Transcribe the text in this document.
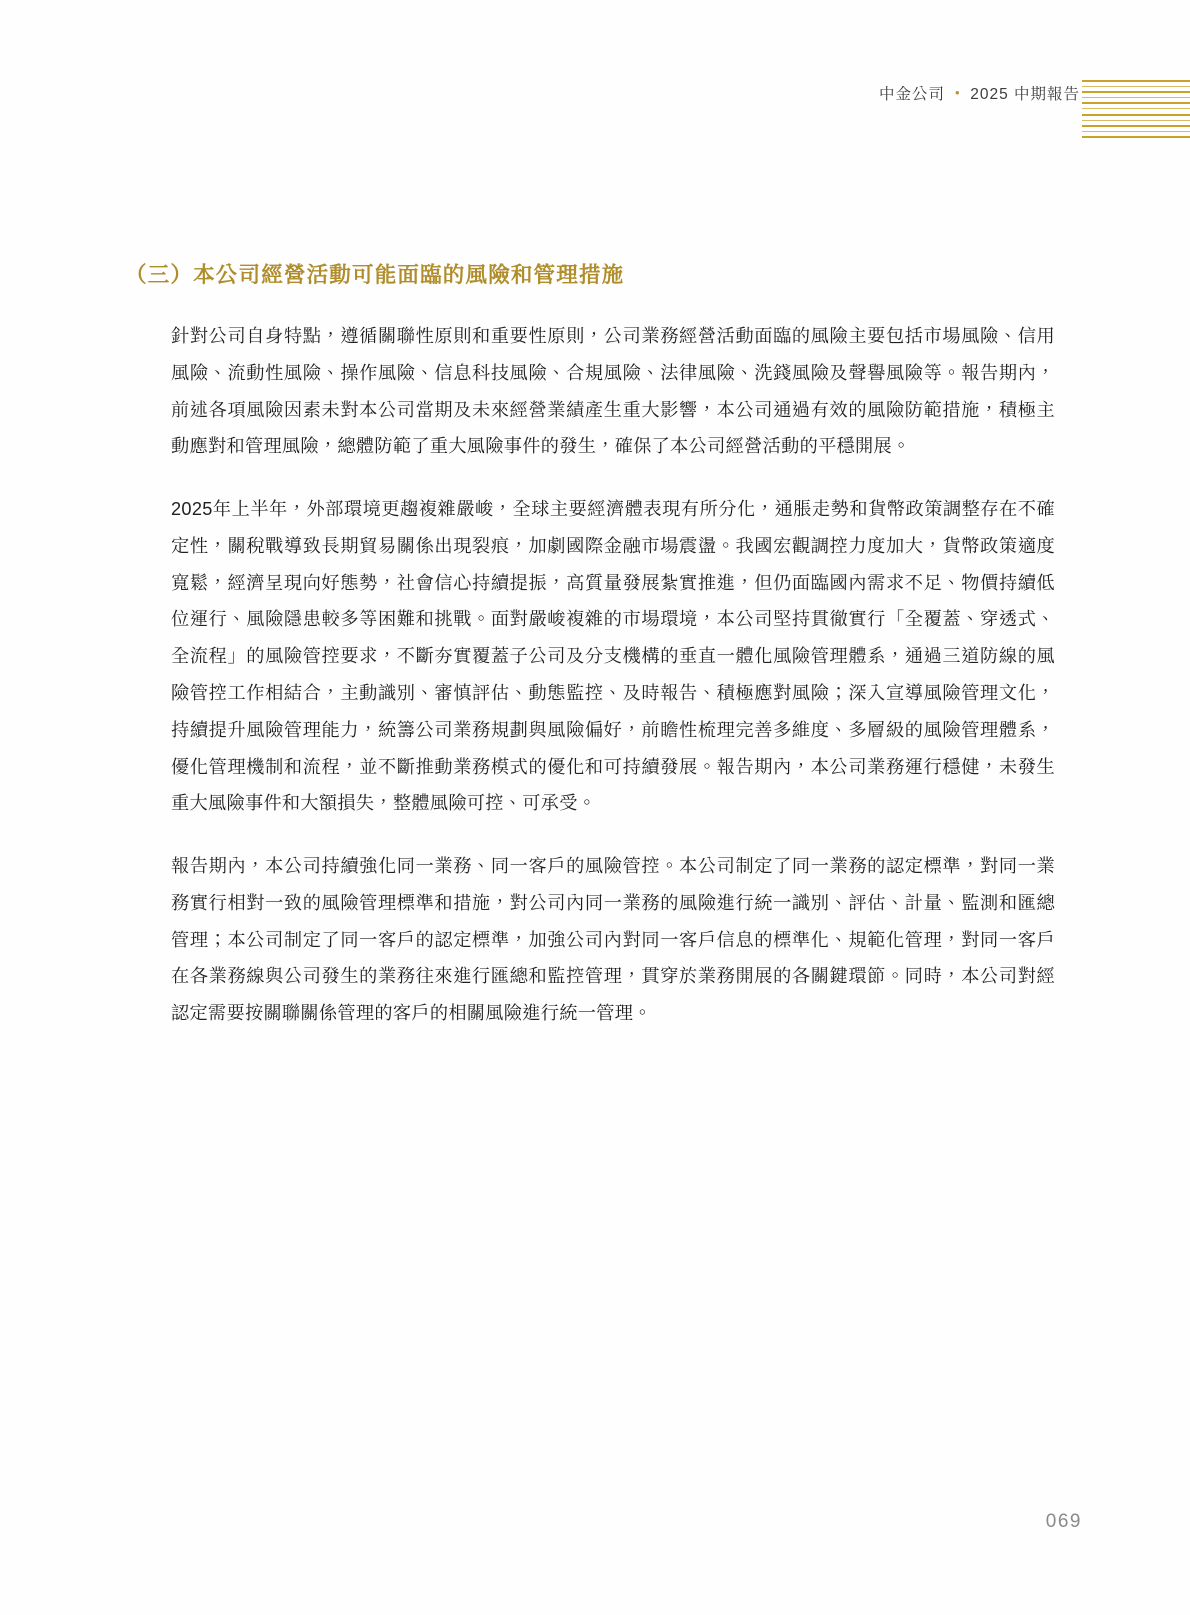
中金公司 • 2025 中期報告
（三）本公司經營活動可能面臨的風險和管理措施

針對公司自身特點，遵循關聯性原則和重要性原則，公司業務經營活動面臨的風險主要包括市場風險、信用風險、流動性風險、操作風險、信息科技風險、合規風險、法律風險、洗錢風險及聲譽風險等。報告期內，前述各項風險因素未對本公司當期及未來經營業績產生重大影響，本公司通過有效的風險防範措施，積極主動應對和管理風險，總體防範了重大風險事件的發生，確保了本公司經營活動的平穩開展。

2025年上半年，外部環境更趨複雜嚴峻，全球主要經濟體表現有所分化，通脹走勢和貨幣政策調整存在不確定性，關稅戰導致長期貿易關係出現裂痕，加劇國際金融市場震盪。我國宏觀調控力度加大，貨幣政策適度寬鬆，經濟呈現向好態勢，社會信心持續提振，高質量發展紮實推進，但仍面臨國內需求不足、物價持續低位運行、風險隱患較多等困難和挑戰。面對嚴峻複雜的市場環境，本公司堅持貫徹實行「全覆蓋、穿透式、全流程」的風險管控要求，不斷夯實覆蓋子公司及分支機構的垂直一體化風險管理體系，通過三道防線的風險管控工作相結合，主動識別、審慎評估、動態監控、及時報告、積極應對風險；深入宣導風險管理文化，持續提升風險管理能力，統籌公司業務規劃與風險偏好，前瞻性梳理完善多維度、多層級的風險管理體系，優化管理機制和流程，並不斷推動業務模式的優化和可持續發展。報告期內，本公司業務運行穩健，未發生重大風險事件和大額損失，整體風險可控、可承受。

報告期內，本公司持續強化同一業務、同一客戶的風險管控。本公司制定了同一業務的認定標準，對同一業務實行相對一致的風險管理標準和措施，對公司內同一業務的風險進行統一識別、評估、計量、監測和匯總管理；本公司制定了同一客戶的認定標準，加強公司內對同一客戶信息的標準化、規範化管理，對同一客戶在各業務線與公司發生的業務往來進行匯總和監控管理，貫穿於業務開展的各關鍵環節。同時，本公司對經認定需要按關聯關係管理的客戶的相關風險進行統一管理。

069
